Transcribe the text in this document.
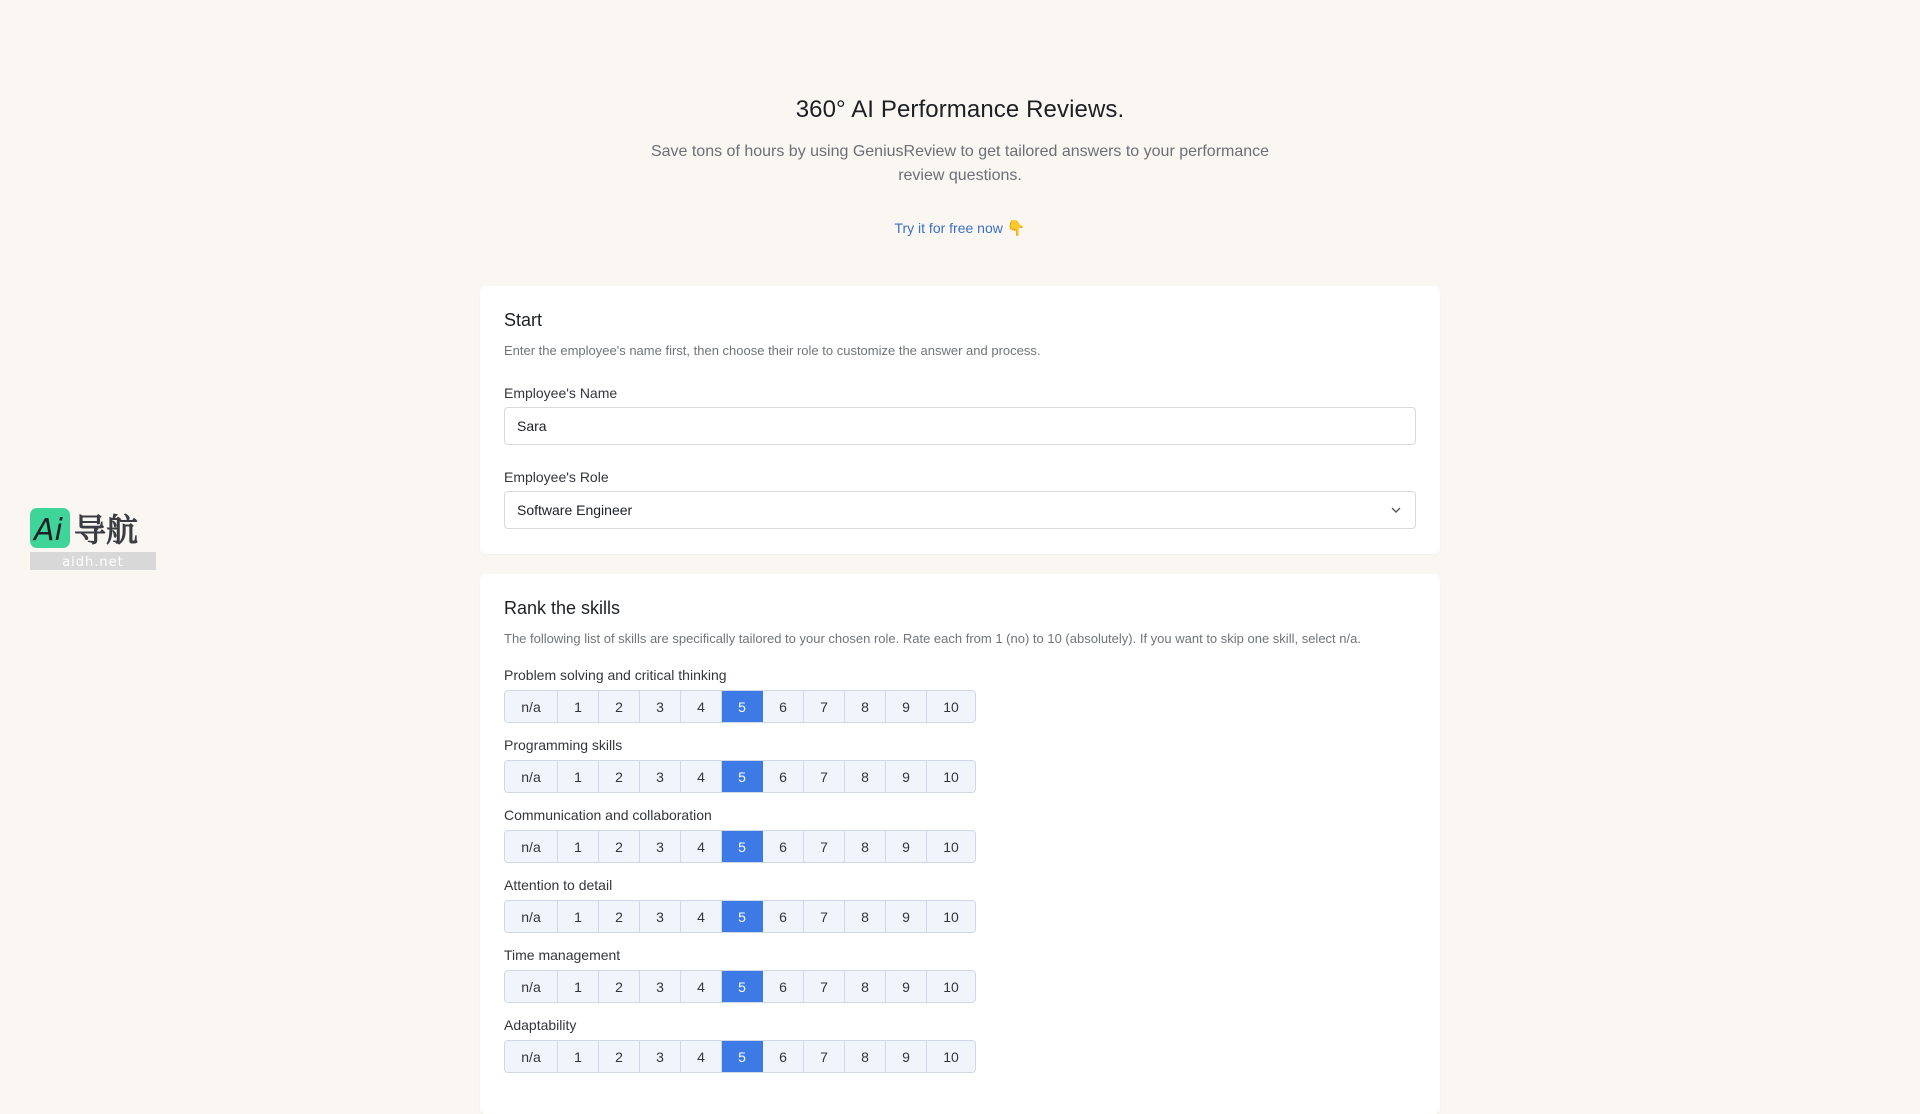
360° AI Performance Reviews.

Save tons of hours by using GeniusReview to get tailored answers to your performance review questions.

Try it for free now 👇
Start

Enter the employee's name first, then choose their role to customize the answer and process.

Employee's Name
Sara
Employee's Role
Software Engineer
Rank the skills

The following list of skills are specifically tailored to your chosen role. Rate each from 1 (no) to 10 (absolutely). If you want to skip one skill, select n/a.

Problem solving and critical thinking
n/a	1	2	3	4	5	6	7	8	9	10
Programming skills
n/a	1	2	3	4	5	6	7	8	9	10
Communication and collaboration
n/a	1	2	3	4	5	6	7	8	9	10
Attention to detail
n/a	1	2	3	4	5	6	7	8	9	10
Time management
n/a	1	2	3	4	5	6	7	8	9	10
Adaptability
n/a	1	2	3	4	5	6	7	8	9	10
Ai 导航
aidh.net
